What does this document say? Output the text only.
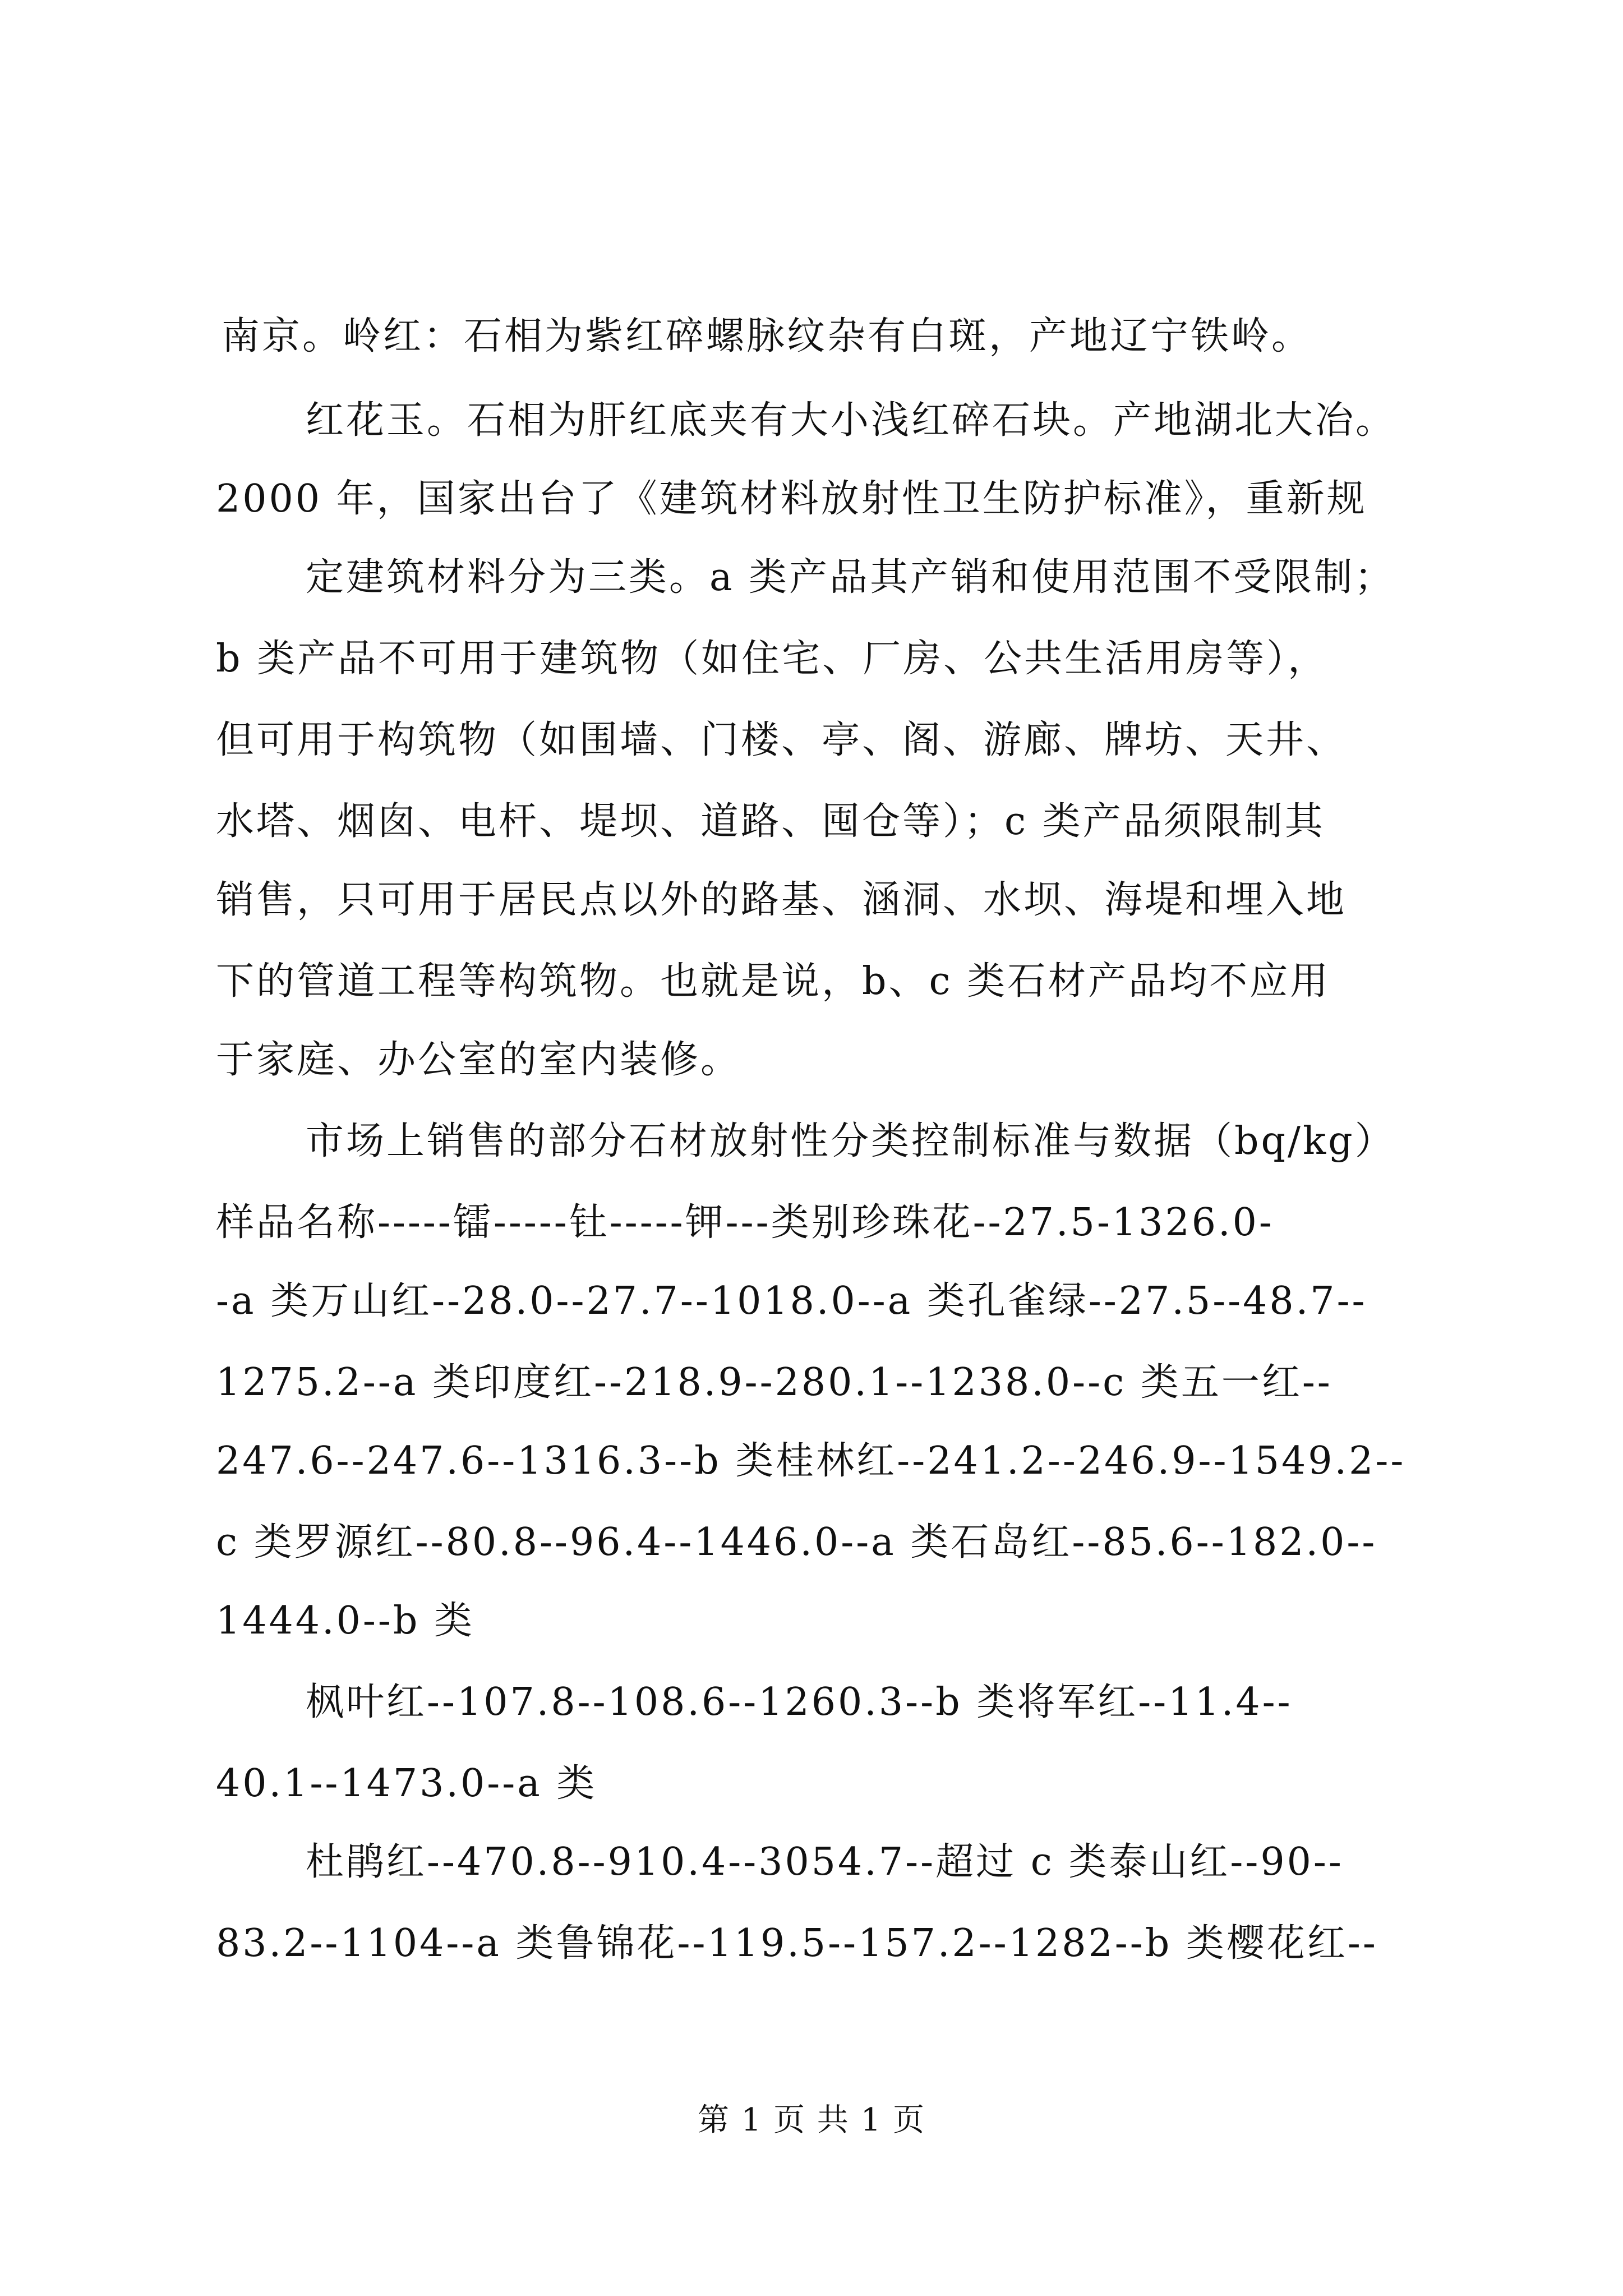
南京。岭红：石相为紫红碎螺脉纹杂有白斑，产地辽宁铁岭。
红花玉。石相为肝红底夹有大小浅红碎石块。产地湖北大冶。
2000 年，国家出台了《建筑材料放射性卫生防护标准》，重新规
定建筑材料分为三类。a 类产品其产销和使用范围不受限制；
b 类产品不可用于建筑物（如住宅、厂房、公共生活用房等），
但可用于构筑物（如围墙、门楼、亭、阁、游廊、牌坊、天井、
水塔、烟囱、电杆、堤坝、道路、囤仓等）；c 类产品须限制其
销售，只可用于居民点以外的路基、涵洞、水坝、海堤和埋入地
下的管道工程等构筑物。也就是说，b、c 类石材产品均不应用
于家庭、办公室的室内装修。
市场上销售的部分石材放射性分类控制标准与数据（bq/kg）
样品名称-----镭-----钍-----钾---类别珍珠花--27.5-1326.0-
-a 类万山红--28.0--27.7--1018.0--a 类孔雀绿--27.5--48.7--
1275.2--a 类印度红--218.9--280.1--1238.0--c 类五一红--
247.6--247.6--1316.3--b 类桂林红--241.2--246.9--1549.2--
c 类罗源红--80.8--96.4--1446.0--a 类石岛红--85.6--182.0--
1444.0--b 类
枫叶红--107.8--108.6--1260.3--b 类将军红--11.4--
40.1--1473.0--a 类
杜鹃红--470.8--910.4--3054.7--超过 c 类泰山红--90--
83.2--1104--a 类鲁锦花--119.5--157.2--1282--b 类樱花红--
第 1 页 共 1 页
